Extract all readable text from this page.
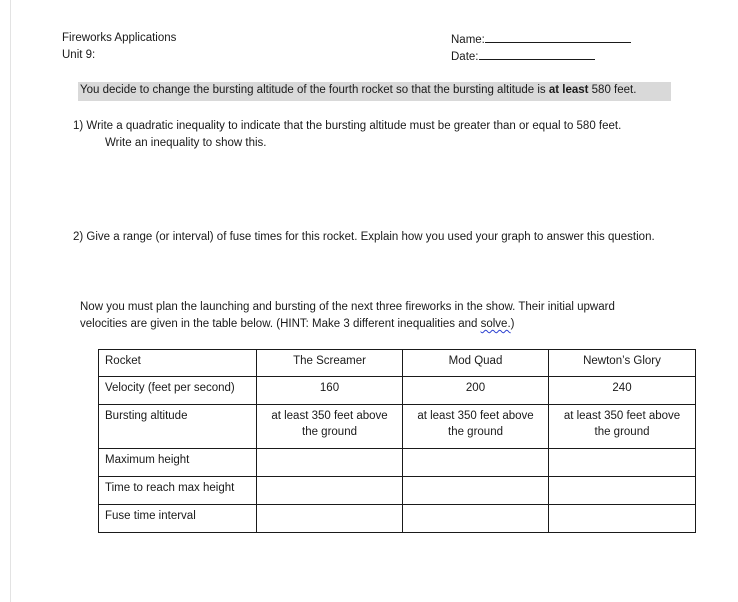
Fireworks Applications
Unit 9:
Name:
Date:
You decide to change the bursting altitude of the fourth rocket so that the bursting altitude is at least 580 feet.
1) Write a quadratic inequality to indicate that the bursting altitude must be greater than or equal to 580 feet.
Write an inequality to show this.
2) Give a range (or interval) of fuse times for this rocket. Explain how you used your graph to answer this question.
Now you must plan the launching and bursting of the next three fireworks in the show. Their initial upward
velocities are given in the table below. (HINT: Make 3 different inequalities and solve.)
Rocket	The Screamer	Mod Quad	Newton’s Glory
Velocity (feet per second)	160	200	240
Bursting altitude	at least 350 feet above the ground	at least 350 feet above the ground	at least 350 feet above the ground
Maximum height			
Time to reach max height			
Fuse time interval			
